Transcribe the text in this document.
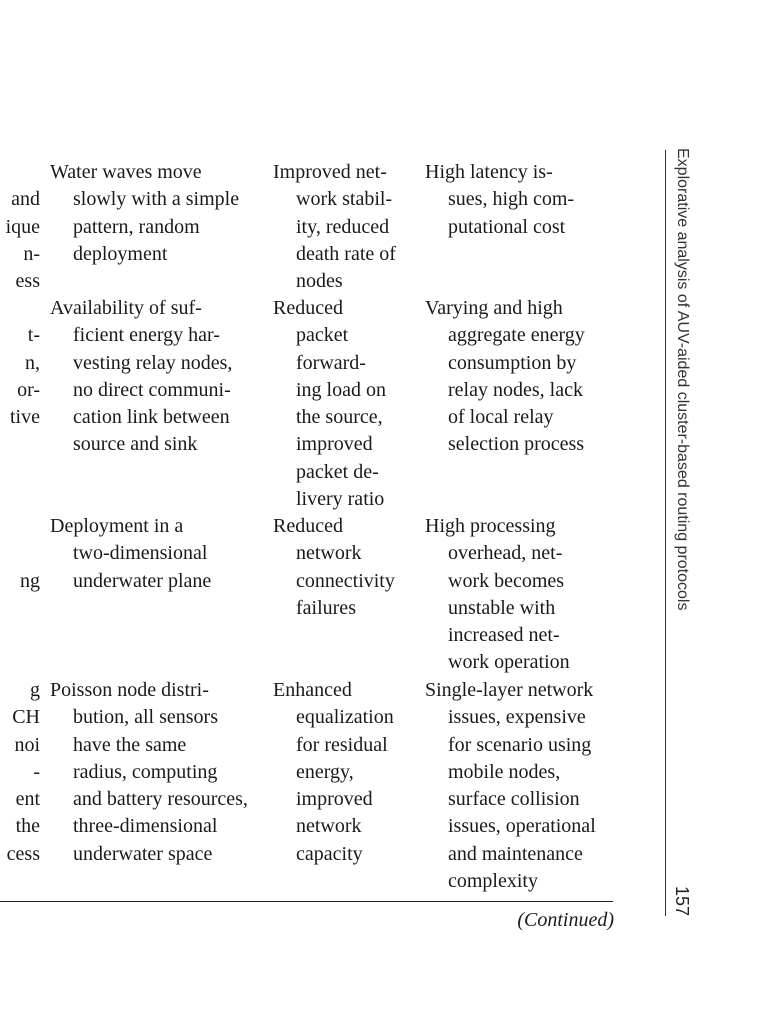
and
ique
n-
ess
Water waves move
slowly with a simple
pattern, random
deployment
Improved net-
work stabil-
ity, reduced
death rate of
nodes
High latency is-
sues, high com-
putational cost

t-
n,
or-
tive
Availability of suf-
ficient energy har-
vesting relay nodes,
no direct communi-
cation link between
source and sink
Reduced
packet
forward-
ing load on
the source,
improved
packet de-
livery ratio
Varying and high
aggregate energy
consumption by
relay nodes, lack
of local relay
selection process

ng
Deployment in a
two-dimensional
underwater plane
Reduced
network
connectivity
failures
High processing
overhead, net-
work becomes
unstable with
increased net-
work operation
g
CH
noi
-
ent
the
cess
Poisson node distri-
bution, all sensors
have the same
radius, computing
and battery resources,
three-dimensional
underwater space
Enhanced
equalization
for residual
energy,
improved
network
capacity
Single-layer network
issues, expensive
for scenario using
mobile nodes,
surface collision
issues, operational
and maintenance
complexity
(Continued)
Explorative analysis of AUV-aided cluster-based routing protocols
157
